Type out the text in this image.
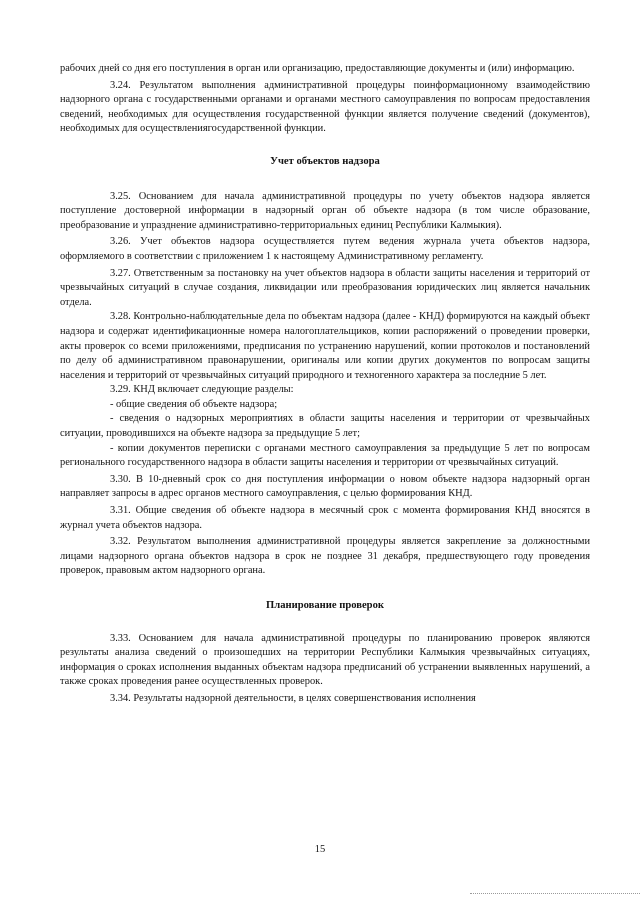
рабочих дней со дня его поступления в орган или организацию, предоставляющие документы и (или) информацию.

3.24. Результатом выполнения административной процедуры поинформационному взаимодействию надзорного органа с государственными органами и органами местного самоуправления по вопросам предоставления сведений, необходимых для осуществления государственной функции является получение сведений (документов), необходимых для осуществлениягосударственной функции.

Учет объектов надзора

3.25. Основанием для начала административной процедуры по учету объектов надзора является поступление достоверной информации в надзорный орган об объекте надзора (в том числе образование, преобразование и упразднение административно-территориальных единиц Республики Калмыкия).

3.26. Учет объектов надзора осуществляется путем ведения журнала учета объектов надзора, оформляемого в соответствии с приложением 1 к настоящему Административному регламенту.

3.27. Ответственным за постановку на учет объектов надзора в области защиты населения и территорий от чрезвычайных ситуаций в случае создания, ликвидации или преобразования юридических лиц является начальник отдела.

3.28. Контрольно-наблюдательные дела по объектам надзора (далее - КНД) формируются на каждый объект надзора и содержат идентификационные номера налогоплательщиков, копии распоряжений о проведении проверки, акты проверок со всеми приложениями, предписания по устранению нарушений, копии протоколов и постановлений по делу об административном правонарушении, оригиналы или копии других документов по вопросам защиты населения и территорий от чрезвычайных ситуаций природного и техногенного характера за последние 5 лет.

3.29. КНД включает следующие разделы:

- общие сведения об объекте надзора;

- сведения о надзорных мероприятиях в области защиты населения и территории от чрезвычайных ситуации, проводившихся на объекте надзора за предыдущие 5 лет;

- копии документов переписки с органами местного самоуправления за предыдущие 5 лет по вопросам регионального государственного надзора в области защиты населения и территории от чрезвычайных ситуаций.

3.30. В 10-дневный срок со дня поступления информации о новом объекте надзора надзорный орган направляет запросы в адрес органов местного самоуправления, с целью формирования КНД.

3.31. Общие сведения об объекте надзора в месячный срок с момента формирования КНД вносятся в журнал учета объектов надзора.

3.32. Результатом выполнения административной процедуры является закрепление за должностными лицами надзорного органа объектов надзора в срок не позднее 31 декабря, предшествующего году проведения проверок, правовым актом надзорного органа.

Планирование проверок

3.33. Основанием для начала административной процедуры по планированию проверок являются результаты анализа сведений о произошедших на территории Республики Калмыкия чрезвычайных ситуациях, информация о сроках исполнения выданных объектам надзора предписаний об устранении выявленных нарушений, а также сроках проведения ранее осуществленных проверок.

3.34. Результаты надзорной деятельности, в целях совершенствования исполнения

15
